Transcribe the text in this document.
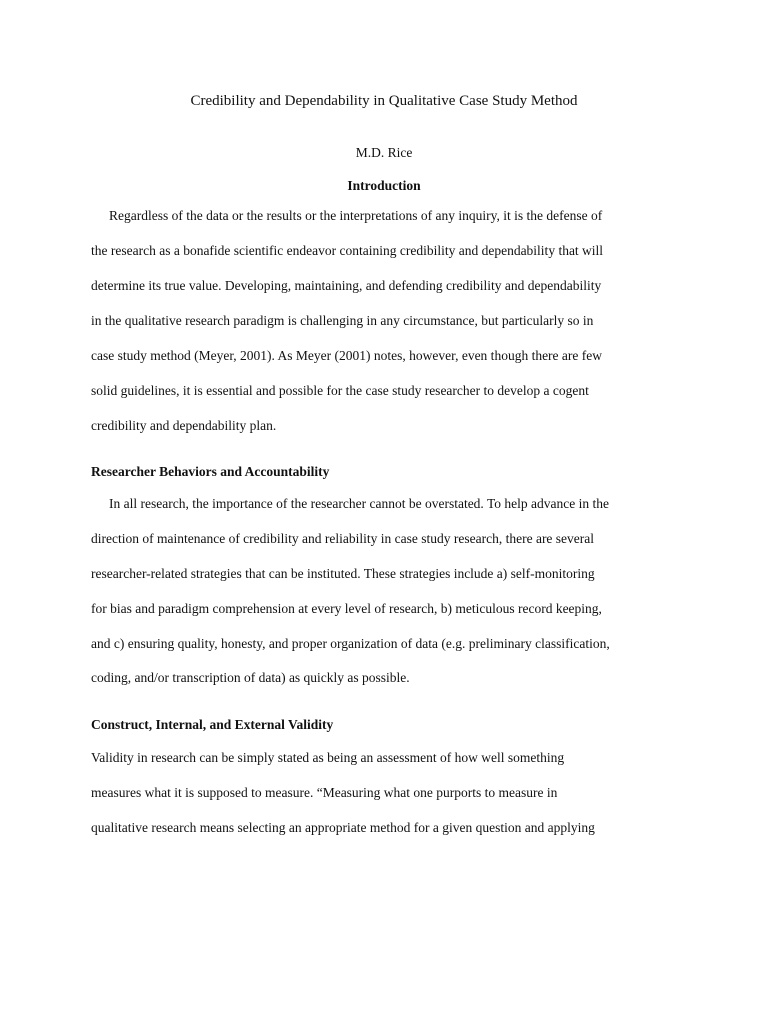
Credibility and Dependability in Qualitative Case Study Method
M.D. Rice
Introduction
Regardless of the data or the results or the interpretations of any inquiry, it is the defense of
the research as a bonafide scientific endeavor containing credibility and dependability that will
determine its true value. Developing, maintaining, and defending credibility and dependability
in the qualitative research paradigm is challenging in any circumstance, but particularly so in
case study method (Meyer, 2001). As Meyer (2001) notes, however, even though there are few
solid guidelines, it is essential and possible for the case study researcher to develop a cogent
credibility and dependability plan.
Researcher Behaviors and Accountability
In all research, the importance of the researcher cannot be overstated. To help advance in the
direction of maintenance of credibility and reliability in case study research, there are several
researcher-related strategies that can be instituted. These strategies include a) self-monitoring
for bias and paradigm comprehension at every level of research, b) meticulous record keeping,
and c) ensuring quality, honesty, and proper organization of data (e.g. preliminary classification,
coding, and/or transcription of data) as quickly as possible.
Construct, Internal, and External Validity
Validity in research can be simply stated as being an assessment of how well something
measures what it is supposed to measure. “Measuring what one purports to measure in
qualitative research means selecting an appropriate method for a given question and applying
